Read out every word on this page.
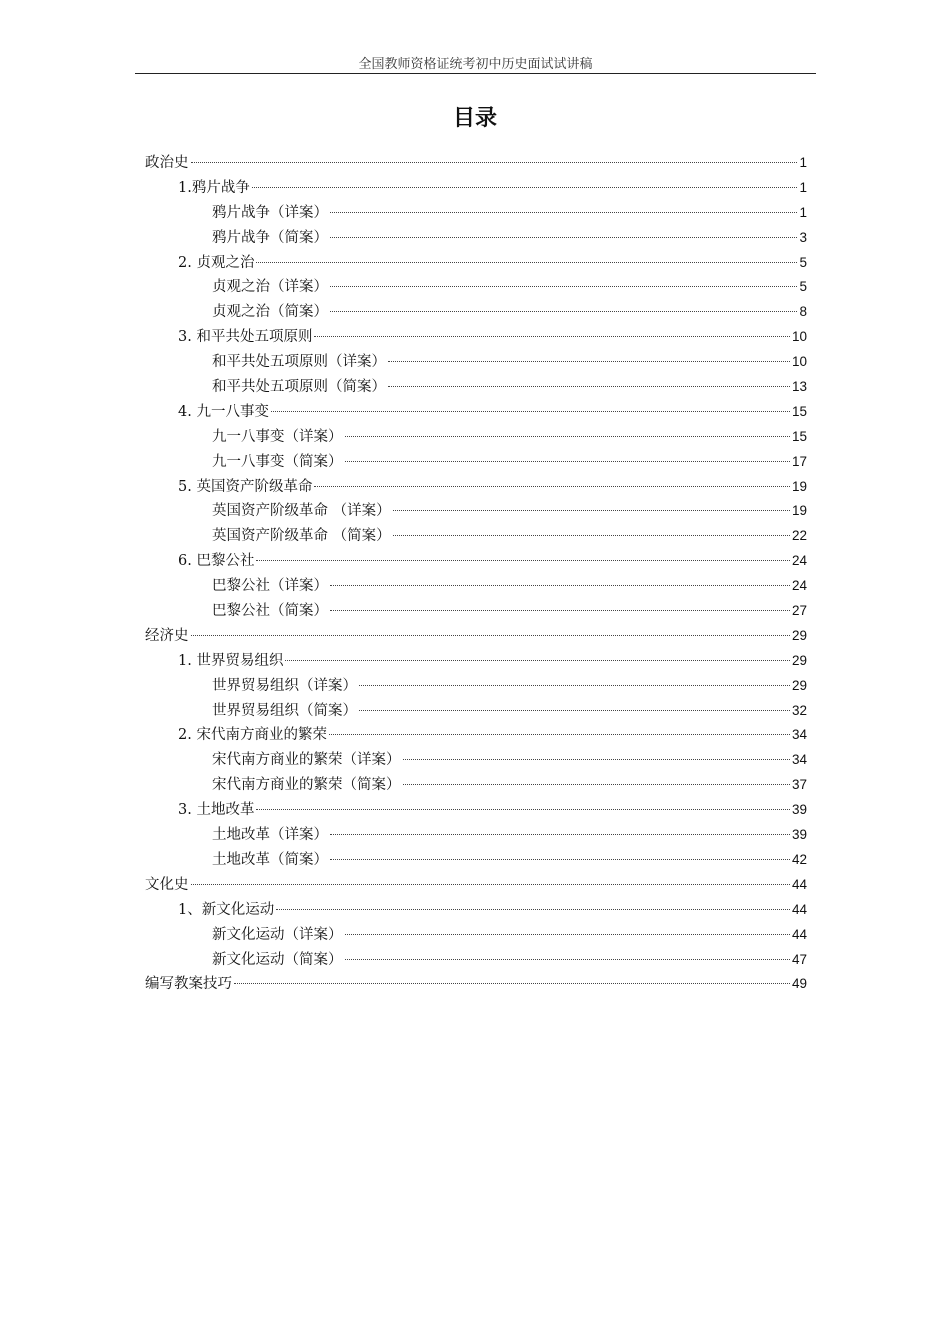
全国教师资格证统考初中历史面试试讲稿
目录
政治史	1
1.鸦片战争	1
鸦片战争（详案）	1
鸦片战争（简案）	3
2. 贞观之治	5
贞观之治（详案）	5
贞观之治（简案）	8
3. 和平共处五项原则	10
和平共处五项原则（详案）	10
和平共处五项原则（简案）	13
4. 九一八事变	15
九一八事变（详案）	15
九一八事变（简案）	17
5. 英国资产阶级革命	19
英国资产阶级革命 （详案）	19
英国资产阶级革命 （简案）	22
6. 巴黎公社	24
巴黎公社（详案）	24
巴黎公社（简案）	27
经济史	29
1. 世界贸易组织	29
世界贸易组织（详案）	29
世界贸易组织（简案）	32
2. 宋代南方商业的繁荣	34
宋代南方商业的繁荣（详案）	34
宋代南方商业的繁荣（简案）	37
3. 土地改革	39
土地改革（详案）	39
土地改革（简案）	42
文化史	44
1、新文化运动	44
新文化运动（详案）	44
新文化运动（简案）	47
编写教案技巧	49
